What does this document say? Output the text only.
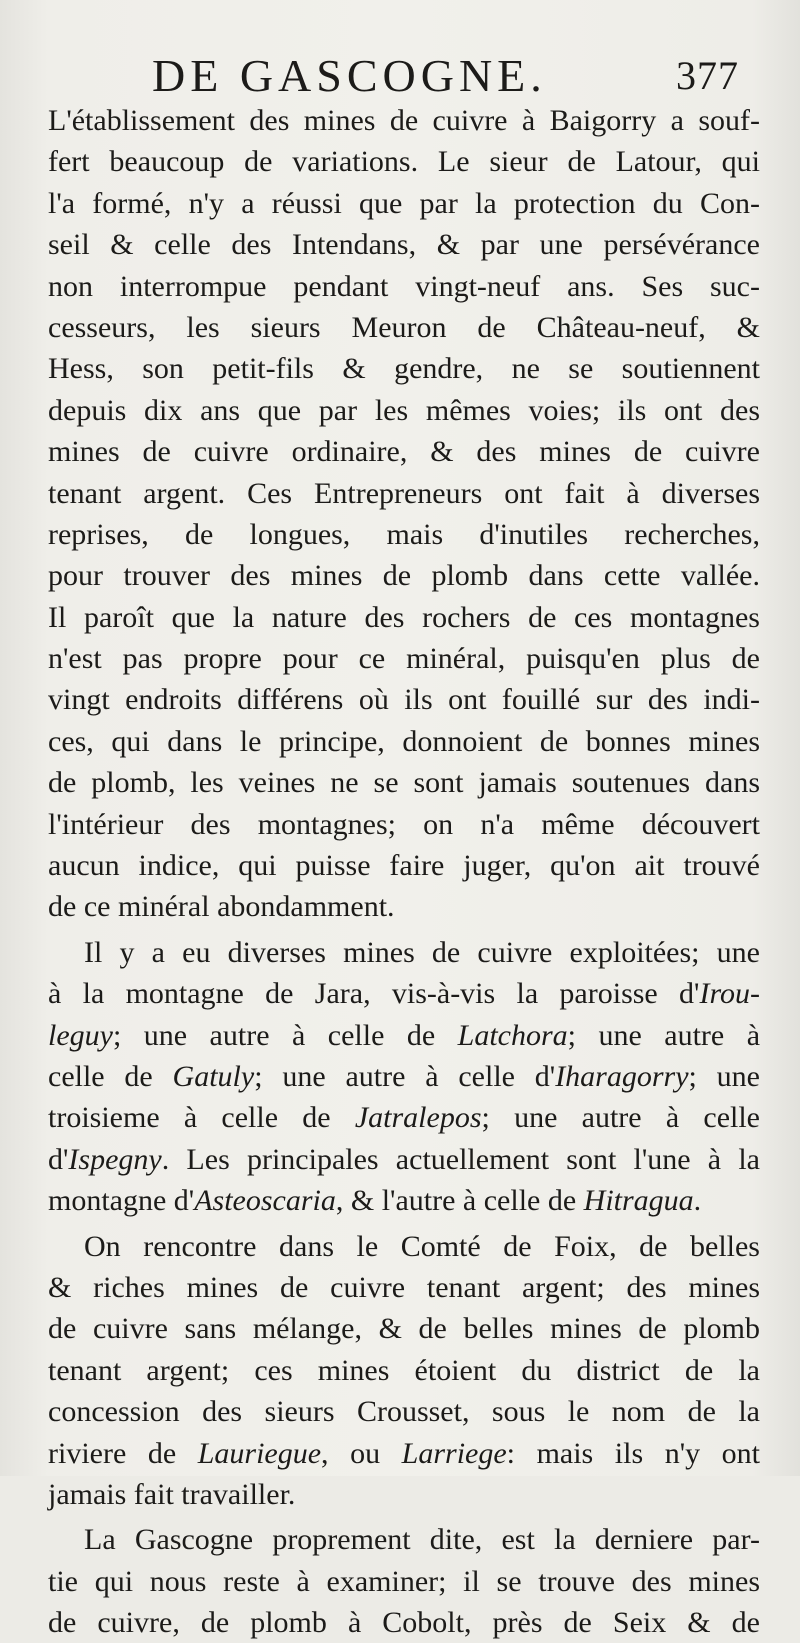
DE GASCOGNE.	377
L'établissement des mines de cuivre à Baigorry a souf-
fert beaucoup de variations. Le sieur de Latour, qui
l'a formé, n'y a réussi que par la protection du Con-
seil & celle des Intendans, & par une persévérance
non interrompue pendant vingt-neuf ans. Ses suc-
cesseurs, les sieurs Meuron de Château-neuf, &
Hess, son petit-fils & gendre, ne se soutiennent
depuis dix ans que par les mêmes voies; ils ont des
mines de cuivre ordinaire, & des mines de cuivre
tenant argent. Ces Entrepreneurs ont fait à diverses
reprises, de longues, mais d'inutiles recherches,
pour trouver des mines de plomb dans cette vallée.
Il paroît que la nature des rochers de ces montagnes
n'est pas propre pour ce minéral, puisqu'en plus de
vingt endroits différens où ils ont fouillé sur des indi-
ces, qui dans le principe, donnoient de bonnes mines
de plomb, les veines ne se sont jamais soutenues dans
l'intérieur des montagnes; on n'a même découvert
aucun indice, qui puisse faire juger, qu'on ait trouvé
de ce minéral abondamment.
Il y a eu diverses mines de cuivre exploitées; une
à la montagne de Jara, vis-à-vis la paroisse d'Irou-
leguy; une autre à celle de Latchora; une autre à
celle de Gatuly; une autre à celle d'Iharagorry; une
troisieme à celle de Jatralepos; une autre à celle
d'Ispegny. Les principales actuellement sont l'une à la
montagne d'Asteoscaria, & l'autre à celle de Hitragua.
On rencontre dans le Comté de Foix, de belles
& riches mines de cuivre tenant argent; des mines
de cuivre sans mélange, & de belles mines de plomb
tenant argent; ces mines étoient du district de la
concession des sieurs Crousset, sous le nom de la
riviere de Lauriegue, ou Larriege: mais ils n'y ont
jamais fait travailler.
La Gascogne proprement dite, est la derniere par-
tie qui nous reste à examiner; il se trouve des mines
de cuivre, de plomb à Cobolt, près de Seix & de
